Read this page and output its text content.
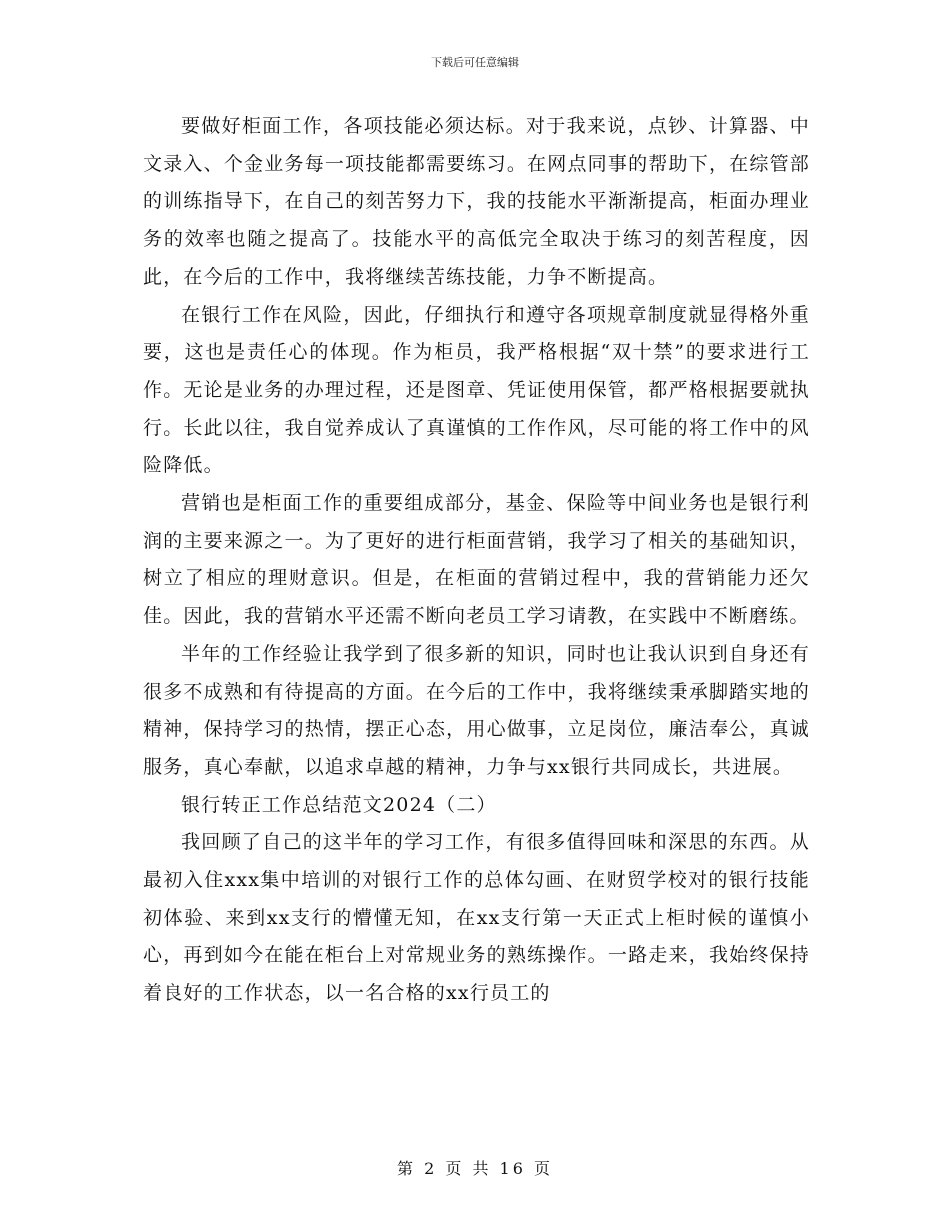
下载后可任意编辑

要做好柜面工作，各项技能必须达标。对于我来说，点钞、计算器、中文录入、个金业务每一项技能都需要练习。在网点同事的帮助下，在综管部的训练指导下，在自己的刻苦努力下，我的技能水平渐渐提高，柜面办理业务的效率也随之提高了。技能水平的高低完全取决于练习的刻苦程度，因此，在今后的工作中，我将继续苦练技能，力争不断提高。

在银行工作在风险，因此，仔细执行和遵守各项规章制度就显得格外重要，这也是责任心的体现。作为柜员，我严格根据“双十禁”的要求进行工作。无论是业务的办理过程，还是图章、凭证使用保管，都严格根据要就执行。长此以往，我自觉养成认了真谨慎的工作作风，尽可能的将工作中的风险降低。

营销也是柜面工作的重要组成部分，基金、保险等中间业务也是银行利润的主要来源之一。为了更好的进行柜面营销，我学习了相关的基础知识，树立了相应的理财意识。但是，在柜面的营销过程中，我的营销能力还欠佳。因此，我的营销水平还需不断向老员工学习请教，在实践中不断磨练。

半年的工作经验让我学到了很多新的知识，同时也让我认识到自身还有很多不成熟和有待提高的方面。在今后的工作中，我将继续秉承脚踏实地的精神，保持学习的热情，摆正心态，用心做事，立足岗位，廉洁奉公，真诚服务，真心奉献，以追求卓越的精神，力争与xx银行共同成长，共进展。

银行转正工作总结范文2024（二）

我回顾了自己的这半年的学习工作，有很多值得回味和深思的东西。从最初入住xxx集中培训的对银行工作的总体勾画、在财贸学校对的银行技能初体验、来到xx支行的懵懂无知，在xx支行第一天正式上柜时候的谨慎小心，再到如今在能在柜台上对常规业务的熟练操作。一路走来，我始终保持着良好的工作状态，以一名合格的xx行员工的

第 2 页 共 16 页
